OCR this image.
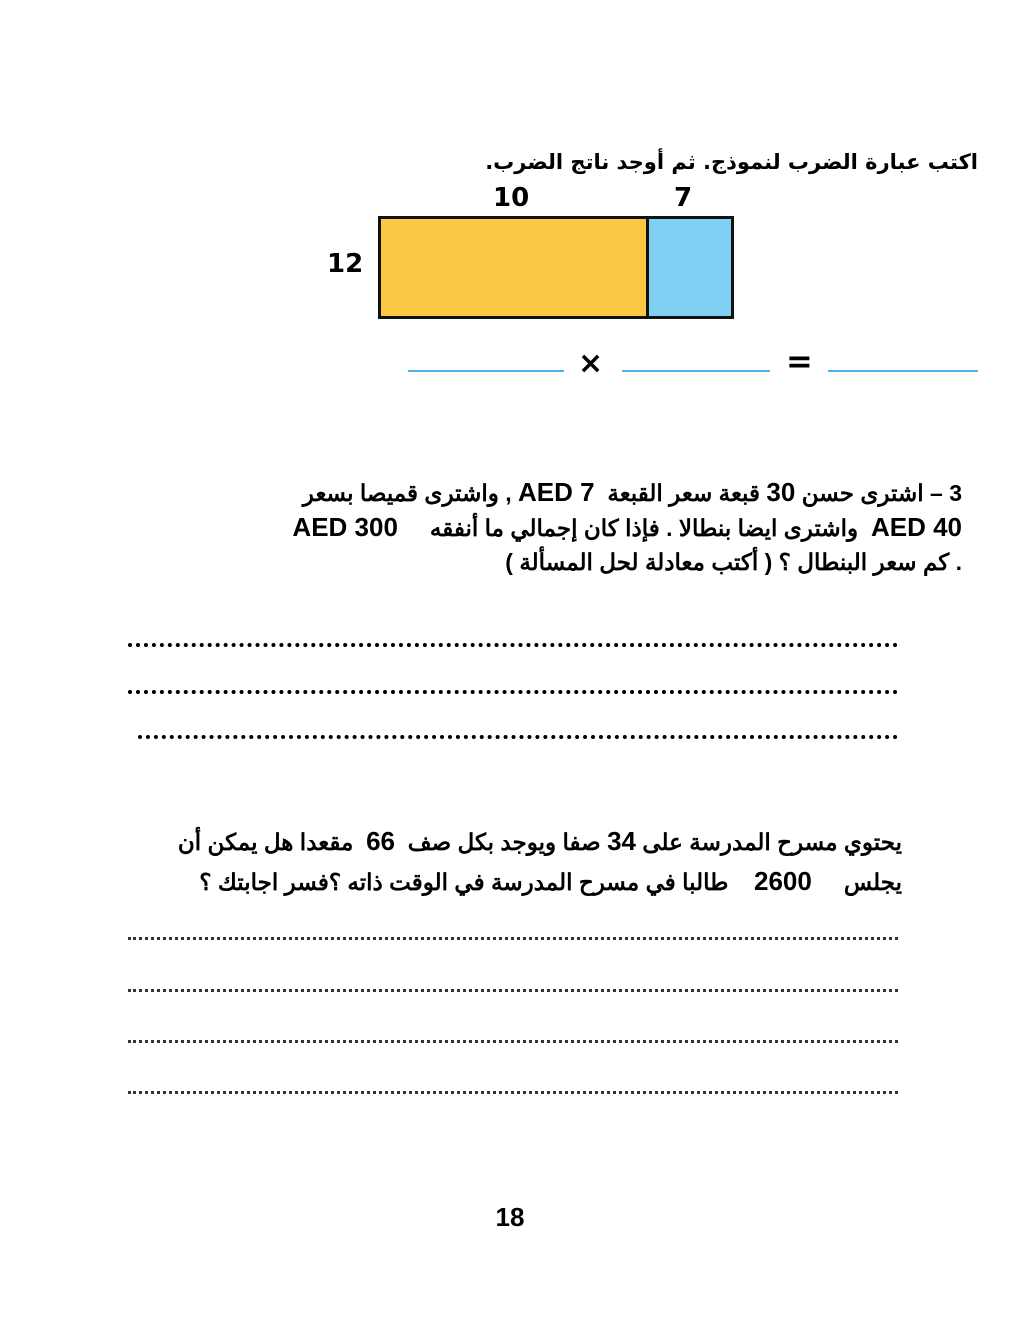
اكتب عبارة الضرب لنموذج. ثم أوجد ناتج الضرب.
10	7
12
×	=
3 – اشترى حسن 30 قبعة سعر القبعة  AED 7 , واشترى قميصا بسعر
AED 40  واشترى ايضا بنطالا . فإذا كان إجمالي ما أنفقه     AED 300
. كم سعر البنطال ؟ ( أكتب معادلة لحل المسألة )
يحتوي مسرح المدرسة على 34 صفا ويوجد بكل صف  66  مقعدا هل يمكن أن
يجلس     2600    طالبا في مسرح المدرسة في الوقت ذاته ؟فسر اجابتك ؟
18
